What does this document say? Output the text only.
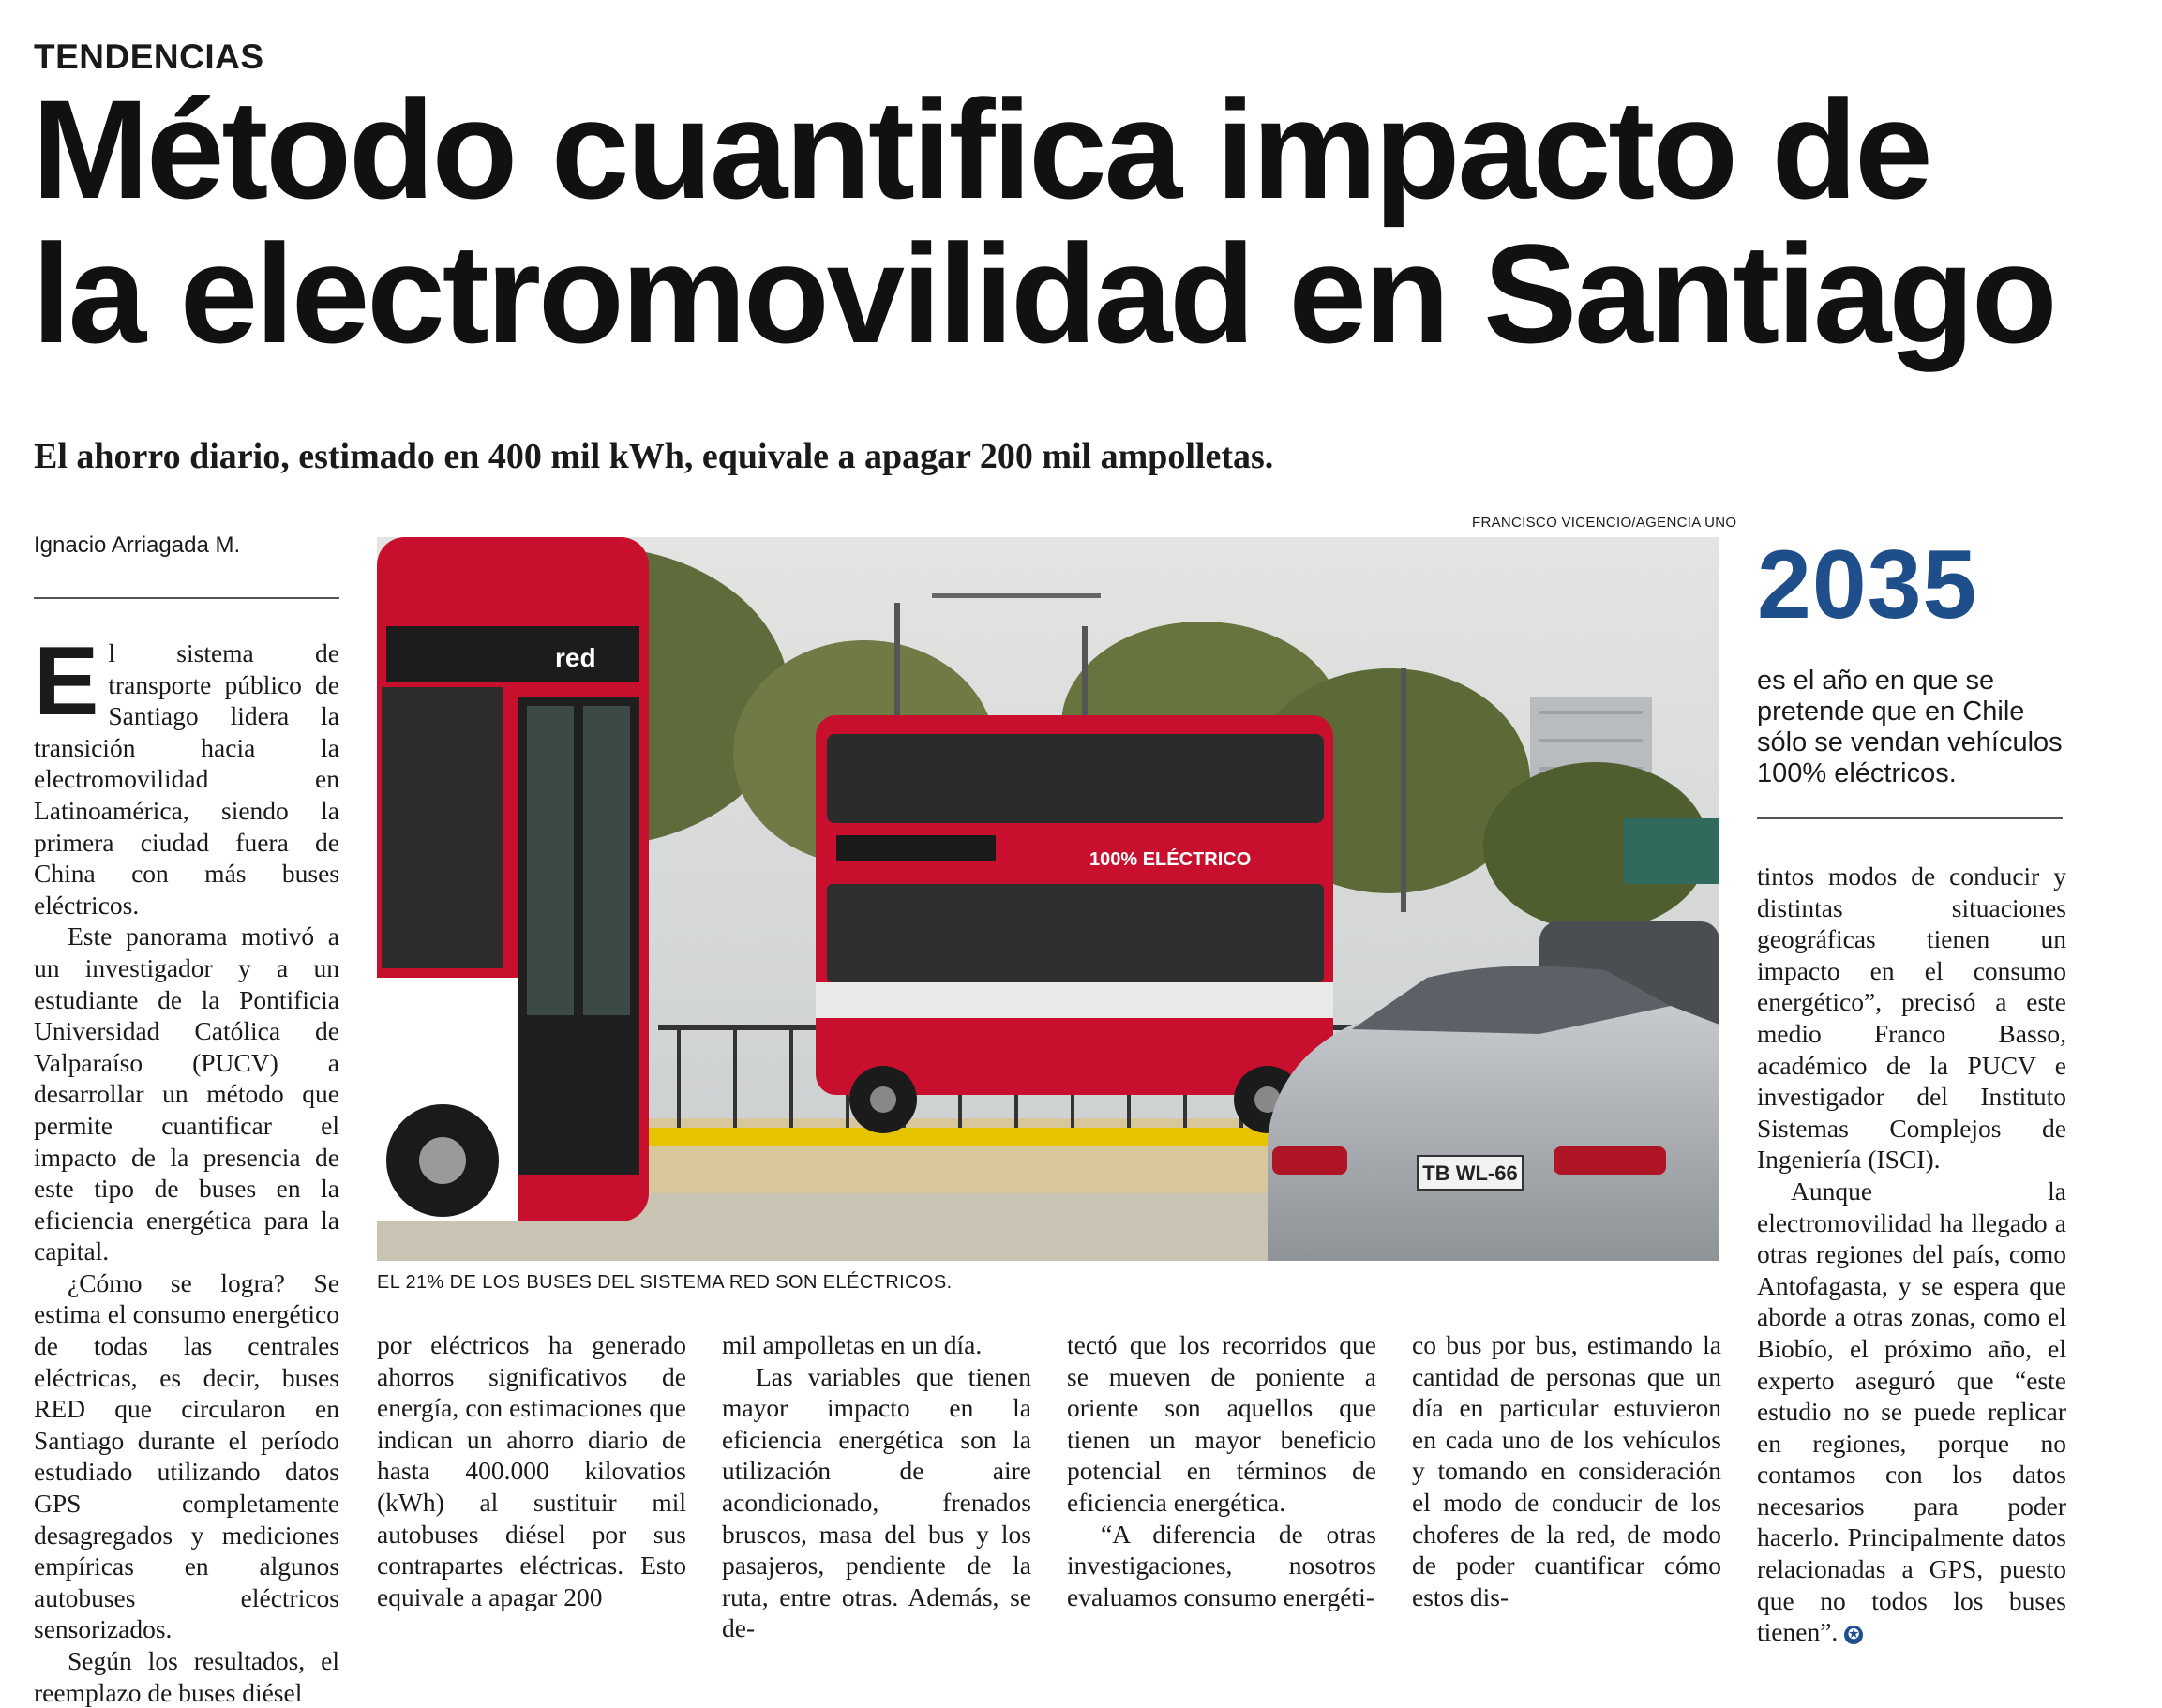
TENDENCIAS
Método cuantifica impacto de
la electromovilidad en Santiago
El ahorro diario, estimado en 400 mil kWh, equivale a apagar 200 mil ampolletas.
Ignacio Arriagada M.

El sistema de transporte público de Santiago lidera la transición hacia la electromovilidad en Latinoamérica, siendo la primera ciudad fuera de China con más buses eléctricos.

Este panorama motivó a un investigador y a un estudiante de la Pontificia Universidad Católica de Valparaíso (PUCV) a desarrollar un método que permite cuantificar el impacto de la presencia de este tipo de buses en la eficiencia energética para la capital.

¿Cómo se logra? Se estima el consumo energético de todas las centrales eléctricas, es decir, buses RED que circularon en Santiago durante el período estudiado utilizando datos GPS completamente desagregados y mediciones empíricas en algunos autobuses eléctricos sensorizados.

Según los resultados, el reemplazo de buses diésel

FRANCISCO VICENCIO/AGENCIA UNO
100% ELÉCTRICO
red
TB WL-66
EL 21% DE LOS BUSES DEL SISTEMA RED SON ELÉCTRICOS.
2035
es el año en que se pretende que en Chile sólo se vendan vehículos 100% eléctricos.

por eléctricos ha generado ahorros significativos de energía, con estimaciones que indican un ahorro diario de hasta 400.000 kilovatios (kWh) al sustituir mil autobuses diésel por sus contrapartes eléctricas. Esto equivale a apagar 200

mil ampolletas en un día.

Las variables que tienen mayor impacto en la eficiencia energética son la utilización de aire acondicionado, frenados bruscos, masa del bus y los pasajeros, pendiente de la ruta, entre otras. Además, se de-

tectó que los recorridos que se mueven de poniente a oriente son aquellos que tienen un mayor beneficio potencial en términos de eficiencia energética.

“A diferencia de otras investigaciones, nosotros evaluamos consumo energéti-

co bus por bus, estimando la cantidad de personas que un día en particular estuvieron en cada uno de los vehículos y tomando en consideración el modo de conducir de los choferes de la red, de modo de poder cuantificar cómo estos dis-

tintos modos de conducir y distintas situaciones geográficas tienen un impacto en el consumo energético”, precisó a este medio Franco Basso, académico de la PUCV e investigador del Instituto Sistemas Complejos de Ingeniería (ISCI).

Aunque la electromovilidad ha llegado a otras regiones del país, como Antofagasta, y se espera que aborde a otras zonas, como el Biobío, el próximo año, el experto aseguró que “este estudio no se puede replicar en regiones, porque no contamos con los datos necesarios para poder hacerlo. Principalmente datos relacionadas a GPS, puesto que no todos los buses tienen”. ✪
